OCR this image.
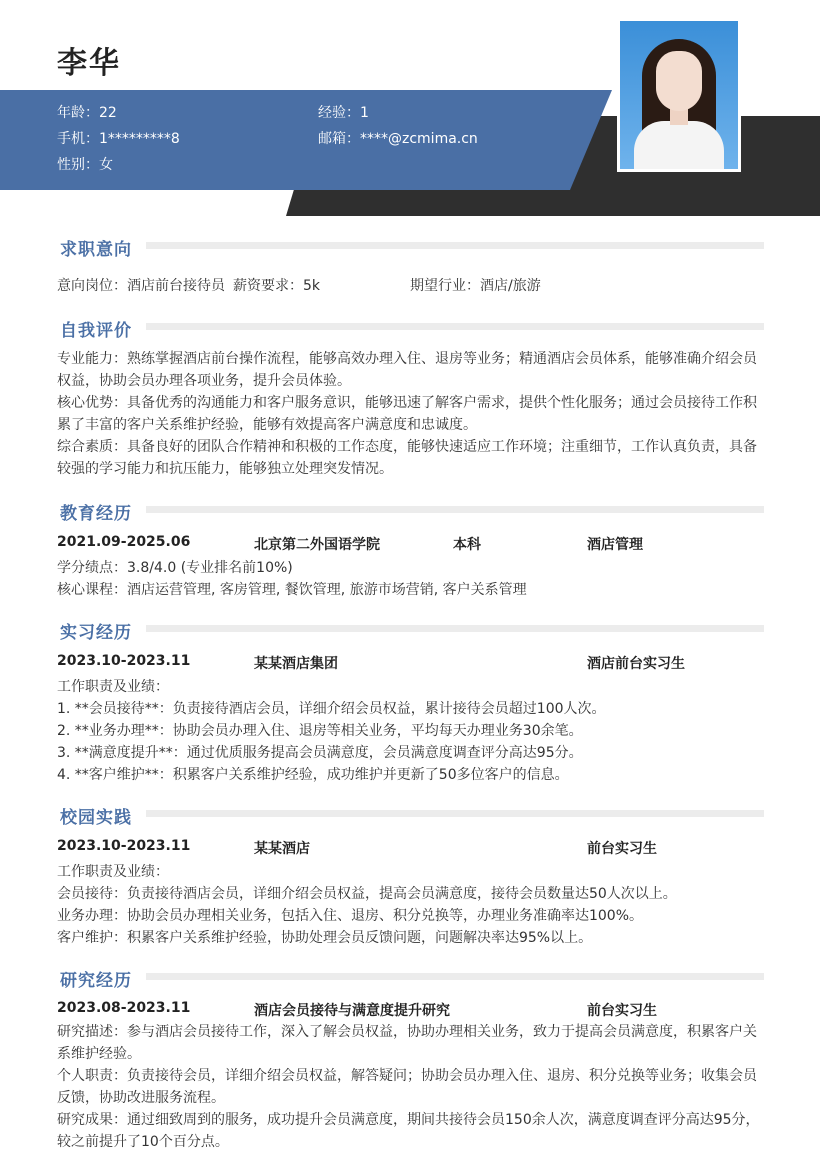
李华
年龄：22	经验：1
手机：1*********8	邮箱：****@zcmima.cn
性别：女
求职意向
意向岗位：酒店前台接待员 薪资要求：5k	期望行业：酒店/旅游
自我评价
专业能力：熟练掌握酒店前台操作流程，能够高效办理入住、退房等业务；精通酒店会员体系，能够准确介绍会员权益，协助会员办理各项业务，提升会员体验。
核心优势：具备优秀的沟通能力和客户服务意识，能够迅速了解客户需求，提供个性化服务；通过会员接待工作积累了丰富的客户关系维护经验，能够有效提高客户满意度和忠诚度。
综合素质：具备良好的团队合作精神和积极的工作态度，能够快速适应工作环境；注重细节，工作认真负责，具备较强的学习能力和抗压能力，能够独立处理突发情况。
教育经历
2021.09-2025.06	北京第二外国语学院	本科	酒店管理
学分绩点：3.8/4.0 (专业排名前10%)
核心课程：酒店运营管理, 客房管理, 餐饮管理, 旅游市场营销, 客户关系管理
实习经历
2023.10-2023.11	某某酒店集团	酒店前台实习生
工作职责及业绩：
1. **会员接待**：负责接待酒店会员，详细介绍会员权益，累计接待会员超过100人次。
2. **业务办理**：协助会员办理入住、退房等相关业务，平均每天办理业务30余笔。
3. **满意度提升**：通过优质服务提高会员满意度，会员满意度调查评分高达95分。
4. **客户维护**：积累客户关系维护经验，成功维护并更新了50多位客户的信息。
校园实践
2023.10-2023.11	某某酒店	前台实习生
工作职责及业绩：
会员接待：负责接待酒店会员，详细介绍会员权益，提高会员满意度，接待会员数量达50人次以上。
业务办理：协助会员办理相关业务，包括入住、退房、积分兑换等，办理业务准确率达100%。
客户维护：积累客户关系维护经验，协助处理会员反馈问题，问题解决率达95%以上。
研究经历
2023.08-2023.11	酒店会员接待与满意度提升研究	前台实习生
研究描述：参与酒店会员接待工作，深入了解会员权益，协助办理相关业务，致力于提高会员满意度，积累客户关系维护经验。
个人职责：负责接待会员，详细介绍会员权益，解答疑问；协助会员办理入住、退房、积分兑换等业务；收集会员反馈，协助改进服务流程。
研究成果：通过细致周到的服务，成功提升会员满意度，期间共接待会员150余人次，满意度调查评分高达95分，较之前提升了10个百分点。
